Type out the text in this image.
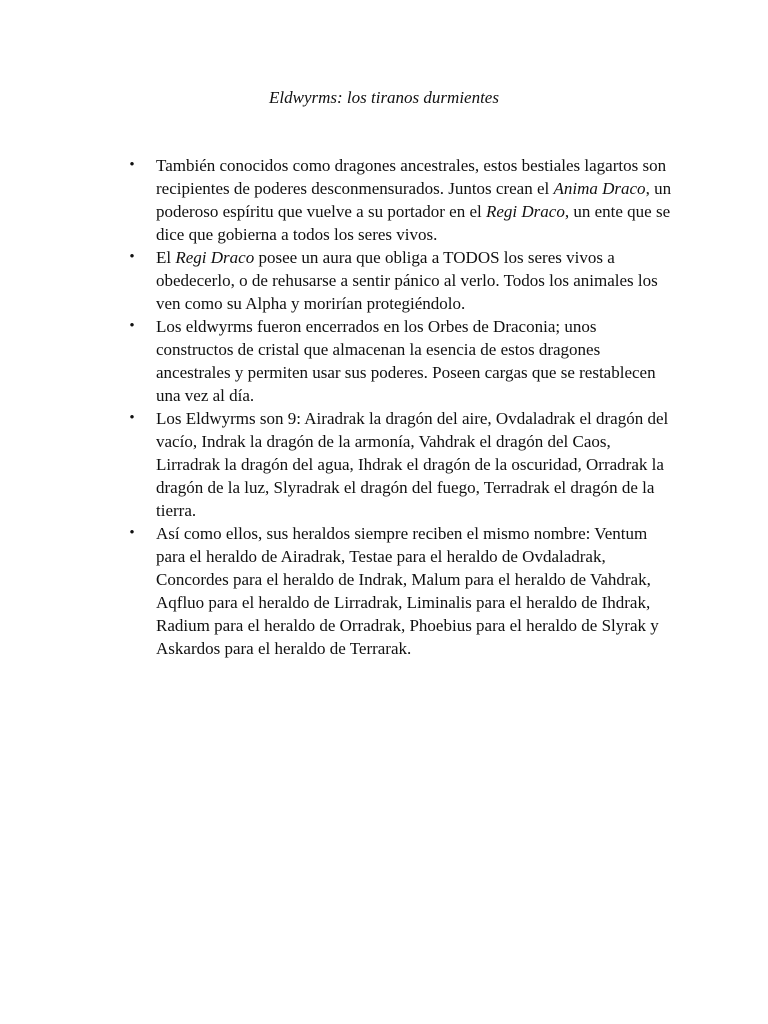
Eldwyrms: los tiranos durmientes
• También conocidos como dragones ancestrales, estos bestiales lagartos son recipientes de poderes desconmensurados. Juntos crean el Anima Draco, un poderoso espíritu que vuelve a su portador en el Regi Draco, un ente que se dice que gobierna a todos los seres vivos.
• El Regi Draco posee un aura que obliga a TODOS los seres vivos a obedecerlo, o de rehusarse a sentir pánico al verlo. Todos los animales los ven como su Alpha y morirían protegiéndolo.
• Los eldwyrms fueron encerrados en los Orbes de Draconia; unos constructos de cristal que almacenan la esencia de estos dragones ancestrales y permiten usar sus poderes. Poseen cargas que se restablecen una vez al día.
• Los Eldwyrms son 9: Airadrak la dragón del aire, Ovdaladrak el dragón del vacío, Indrak la dragón de la armonía, Vahdrak el dragón del Caos, Lirradrak la dragón del agua, Ihdrak el dragón de la oscuridad, Orradrak la dragón de la luz, Slyradrak el dragón del fuego, Terradrak el dragón de la tierra.
• Así como ellos, sus heraldos siempre reciben el mismo nombre: Ventum para el heraldo de Airadrak, Testae para el heraldo de Ovdaladrak, Concordes para el heraldo de Indrak, Malum para el heraldo de Vahdrak, Aqfluo para el heraldo de Lirradrak, Liminalis para el heraldo de Ihdrak, Radium para el heraldo de Orradrak, Phoebius para el heraldo de Slyrak y Askardos para el heraldo de Terrarak.
